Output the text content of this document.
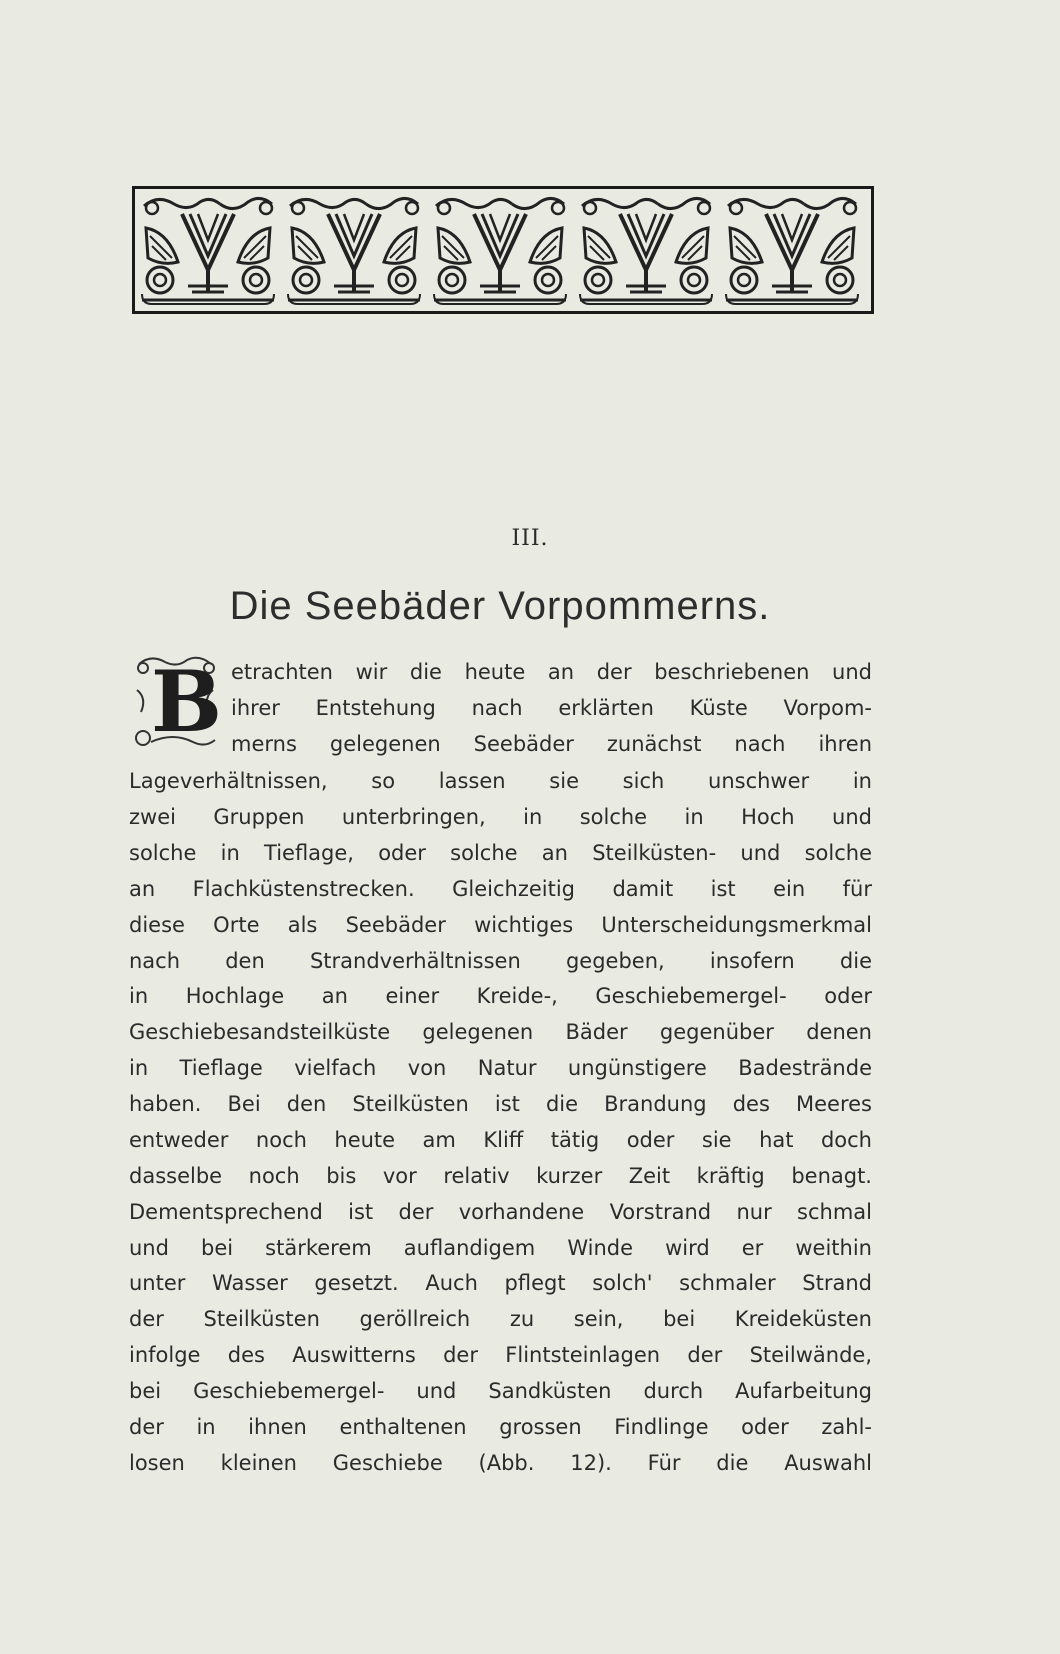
III.
Die Seebäder Vorpommerns.
B etrachten wir die heute an der beschriebenen und
ihrer Entstehung nach erklärten Küste Vorpom-
merns gelegenen Seebäder zunächst nach ihren
Lageverhältnissen, so lassen sie sich unschwer in
zwei Gruppen unterbringen, in solche in Hoch und
solche in Tieflage, oder solche an Steilküsten- und solche
an Flachküstenstrecken. Gleichzeitig damit ist ein für
diese Orte als Seebäder wichtiges Unterscheidungsmerkmal
nach den Strandverhältnissen gegeben, insofern die
in Hochlage an einer Kreide-, Geschiebemergel- oder
Geschiebesandsteilküste gelegenen Bäder gegenüber denen
in Tieflage vielfach von Natur ungünstigere Badestrände
haben. Bei den Steilküsten ist die Brandung des Meeres
entweder noch heute am Kliff tätig oder sie hat doch
dasselbe noch bis vor relativ kurzer Zeit kräftig benagt.
Dementsprechend ist der vorhandene Vorstrand nur schmal
und bei stärkerem auflandigem Winde wird er weithin
unter Wasser gesetzt. Auch pflegt solch' schmaler Strand
der Steilküsten geröllreich zu sein, bei Kreideküsten
infolge des Auswitterns der Flintsteinlagen der Steilwände,
bei Geschiebemergel- und Sandküsten durch Aufarbeitung
der in ihnen enthaltenen grossen Findlinge oder zahl-
losen kleinen Geschiebe (Abb. 12). Für die Auswahl
